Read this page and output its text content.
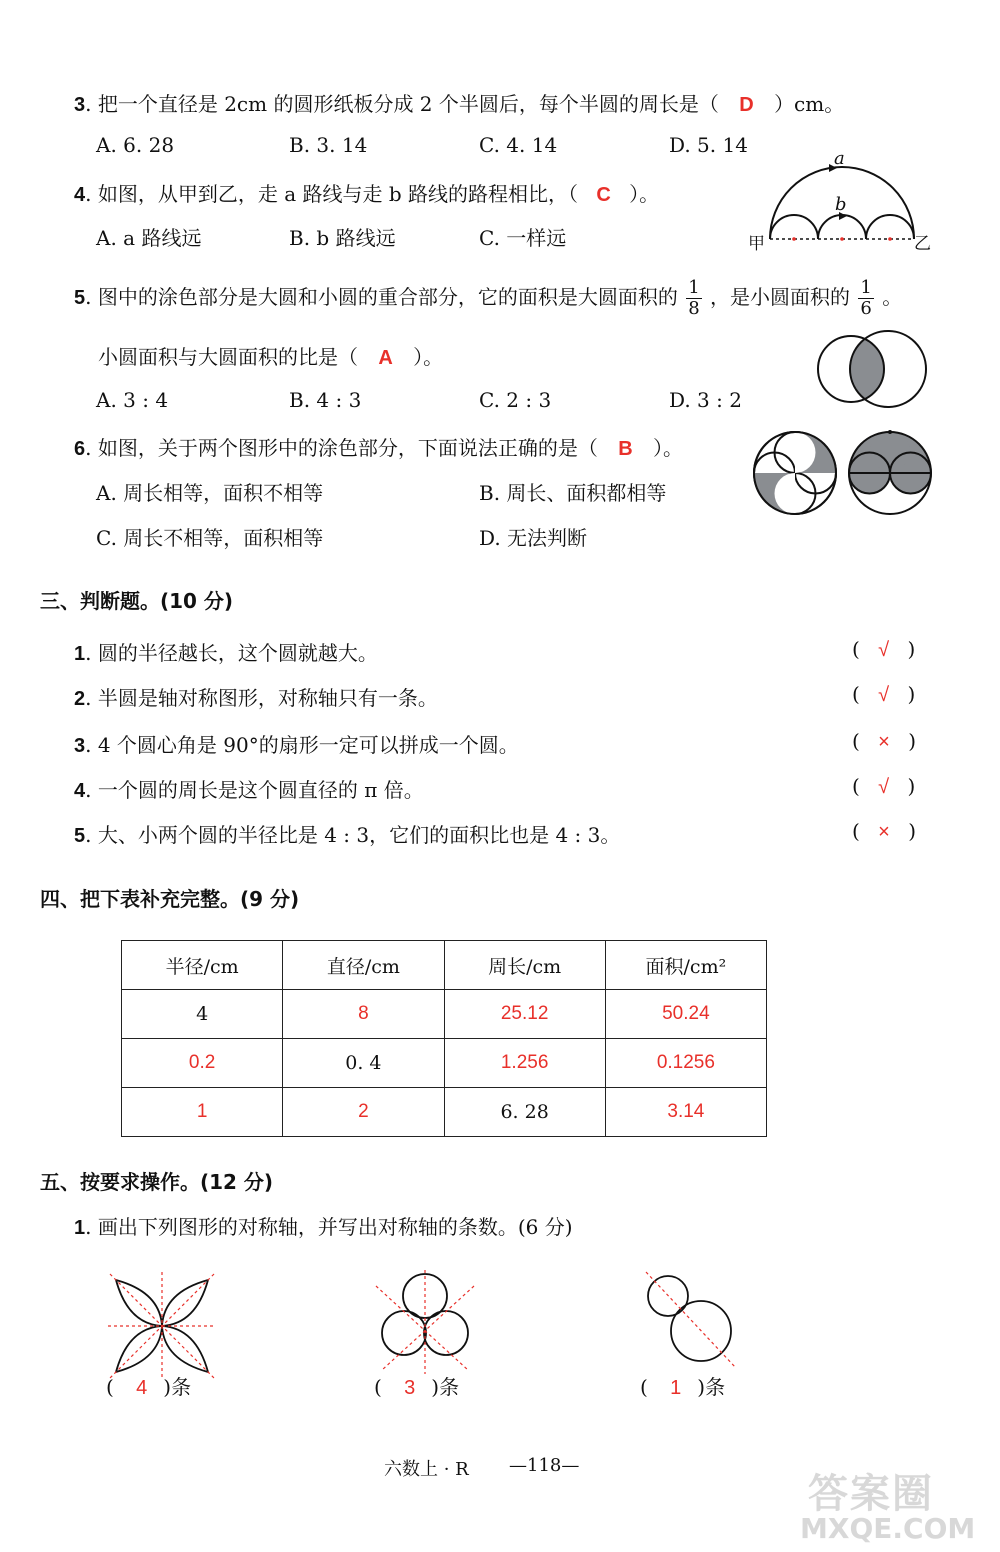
3. 把一个直径是 2cm 的圆形纸板分成 2 个半圆后，每个半圆的周长是（ D ）cm。
A. 6. 28	B. 3. 14	C. 4. 14	D. 5. 14
4. 如图，从甲到乙，走 a 路线与走 b 路线的路程相比，（ C ）。
A. a 路线远	B. b 路线远	C. 一样远
a
b
甲	乙
5. 图中的涂色部分是大圆和小圆的重合部分，它的面积是大圆面积的 $\frac{1}{8}$ ，是小圆面积的 $\frac{1}{6}$ 。
小圆面积与大圆面积的比是（ A ）。
A. 3 : 4	B. 4 : 3	C. 2 : 3	D. 3 : 2
6. 如图，关于两个图形中的涂色部分，下面说法正确的是（ B ）。
A. 周长相等，面积不相等	B. 周长、面积都相等
C. 周长不相等，面积相等	D. 无法判断
三、判断题。(10 分)
1. 圆的半径越长，这个圆就越大。	( √ )
2. 半圆是轴对称图形，对称轴只有一条。	( √ )
3. 4 个圆心角是 90°的扇形一定可以拼成一个圆。	( × )
4. 一个圆的周长是这个圆直径的 π 倍。	( √ )
5. 大、小两个圆的半径比是 4 : 3，它们的面积比也是 4 : 3。	( × )
四、把下表补充完整。(9 分)
半径/cm	直径/cm	周长/cm	面积/cm²
4	8	25.12	50.24
0.2	0. 4	1.256	0.1256
1	2	6. 28	3.14
五、按要求操作。(12 分)
1. 画出下列图形的对称轴，并写出对称轴的条数。(6 分)
( 4 )条	( 3 )条	( 1 )条
六数上 · R —118—
答案圈
MXQE.COM
